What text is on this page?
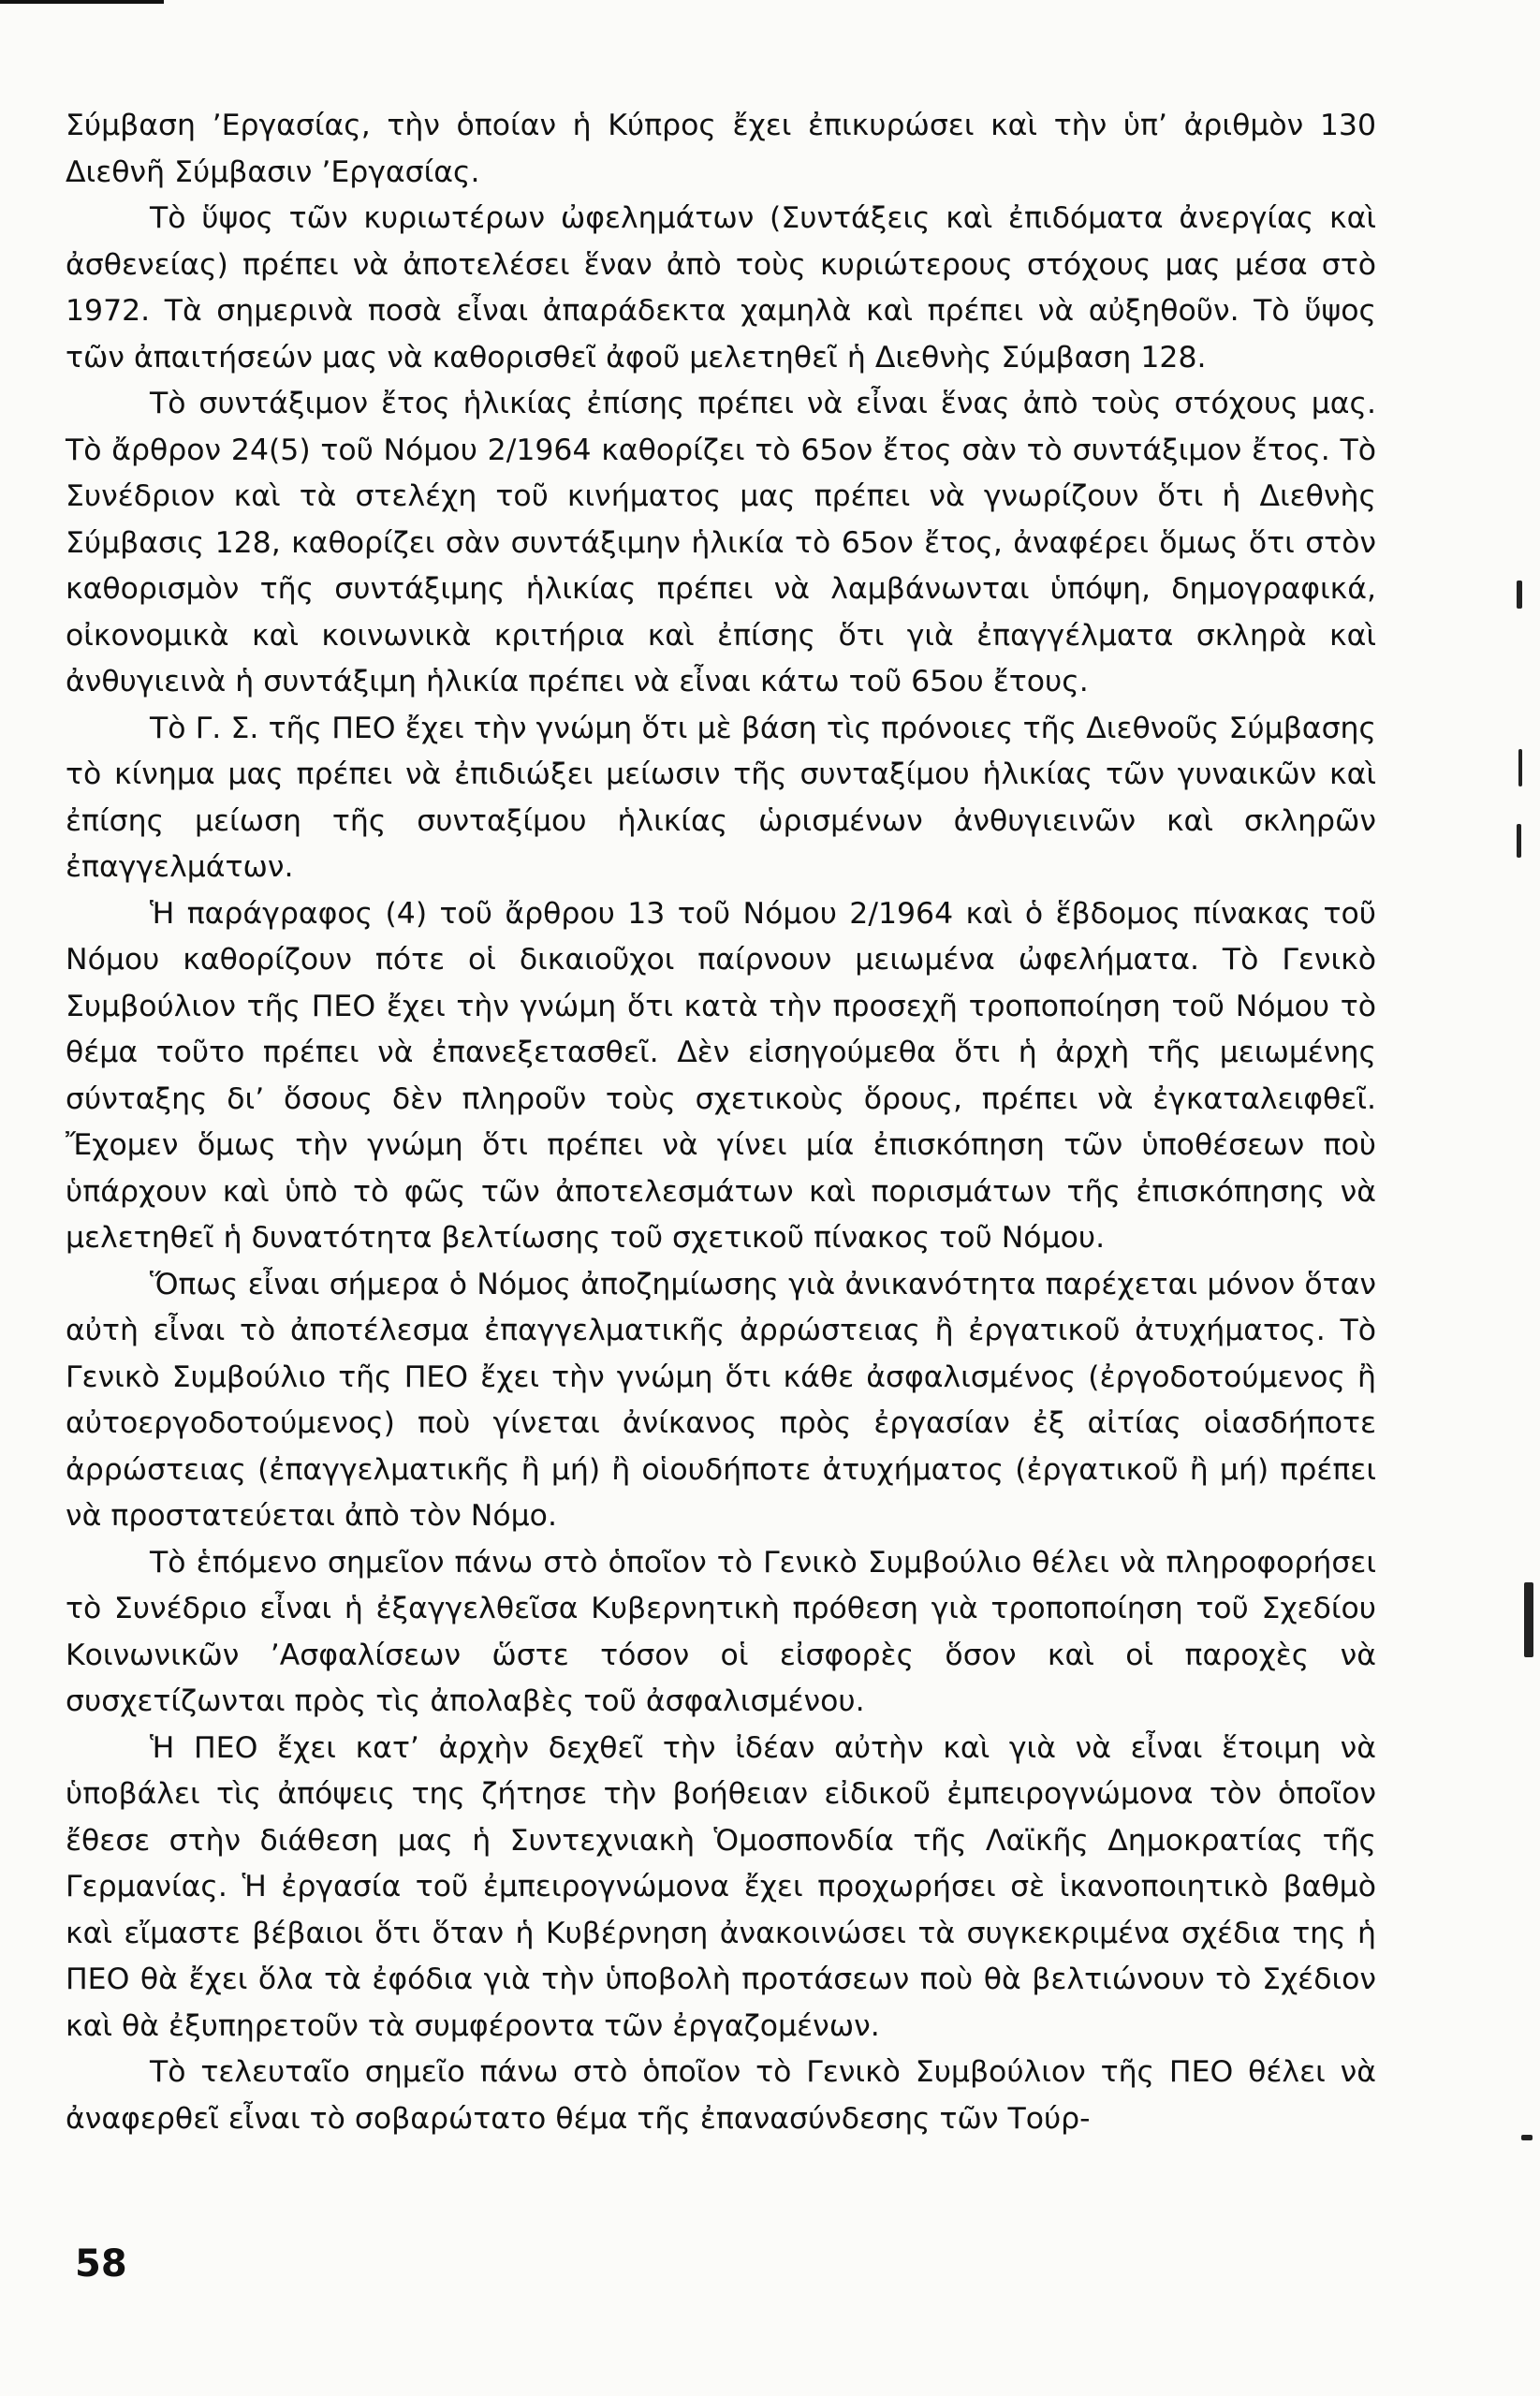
Σύμβαση ’Εργασίας, τὴν ὁποίαν ἡ Κύπρος ἔχει ἐπικυρώσει καὶ τὴν ὑπ’ ἀριθμὸν 130 Διεθνῆ Σύμβασιν ’Εργασίας.

Τὸ ὕψος τῶν κυριωτέρων ὠφελημάτων (Συντάξεις καὶ ἐπιδόματα ἀνεργίας καὶ ἀσθενείας) πρέπει νὰ ἀποτελέσει ἕναν ἀπὸ τοὺς κυριώτερους στόχους μας μέσα στὸ 1972. Τὰ σημερινὰ ποσὰ εἶναι ἀπαράδεκτα χαμηλὰ καὶ πρέπει νὰ αὐξηθοῦν. Τὸ ὕψος τῶν ἀπαιτήσεών μας νὰ καθορισθεῖ ἀφοῦ μελετηθεῖ ἡ Διεθνὴς Σύμβαση 128.

Τὸ συντάξιμον ἔτος ἡλικίας ἐπίσης πρέπει νὰ εἶναι ἕνας ἀπὸ τοὺς στόχους μας. Τὸ ἄρθρον 24(5) τοῦ Νόμου 2/1964 καθορίζει τὸ 65ον ἔτος σὰν τὸ συντάξιμον ἔτος. Τὸ Συνέδριον καὶ τὰ στελέχη τοῦ κινήματος μας πρέπει νὰ γνωρίζουν ὅτι ἡ Διεθνὴς Σύμβασις 128, καθορίζει σὰν συντάξιμην ἡλικία τὸ 65ον ἔτος, ἀναφέρει ὅμως ὅτι στὸν καθορισμὸν τῆς συντάξιμης ἡλικίας πρέπει νὰ λαμβάνωνται ὑπόψη, δημογραφικά, οἰκονομικὰ καὶ κοινωνικὰ κριτήρια καὶ ἐπίσης ὅτι γιὰ ἐπαγγέλματα σκληρὰ καὶ ἀνθυγιεινὰ ἡ συντάξιμη ἡλικία πρέπει νὰ εἶναι κάτω τοῦ 65ου ἔτους.

Τὸ Γ. Σ. τῆς ΠΕΟ ἔχει τὴν γνώμη ὅτι μὲ βάση τὶς πρόνοιες τῆς Διεθνοῦς Σύμβασης τὸ κίνημα μας πρέπει νὰ ἐπιδιώξει μείωσιν τῆς συνταξίμου ἡλικίας τῶν γυναικῶν καὶ ἐπίσης μείωση τῆς συνταξίμου ἡλικίας ὡρισμένων ἀνθυγιεινῶν καὶ σκληρῶν ἐπαγγελμάτων.

Ἡ παράγραφος (4) τοῦ ἄρθρου 13 τοῦ Νόμου 2/1964 καὶ ὁ ἕβδομος πίνακας τοῦ Νόμου καθορίζουν πότε οἱ δικαιοῦχοι παίρνουν μειωμένα ὠφελήματα. Τὸ Γενικὸ Συμβούλιον τῆς ΠΕΟ ἔχει τὴν γνώμη ὅτι κατὰ τὴν προσεχῆ τροποποίηση τοῦ Νόμου τὸ θέμα τοῦτο πρέπει νὰ ἐπανεξετασθεῖ. Δὲν εἰσηγούμεθα ὅτι ἡ ἀρχὴ τῆς μειωμένης σύνταξης δι’ ὅσους δὲν πληροῦν τοὺς σχετικοὺς ὅρους, πρέπει νὰ ἐγκαταλειφθεῖ. Ἔχομεν ὅμως τὴν γνώμη ὅτι πρέπει νὰ γίνει μία ἐπισκόπηση τῶν ὑποθέσεων ποὺ ὑπάρχουν καὶ ὑπὸ τὸ φῶς τῶν ἀποτελεσμάτων καὶ πορισμάτων τῆς ἐπισκόπησης νὰ μελετηθεῖ ἡ δυνατότητα βελτίωσης τοῦ σχετικοῦ πίνακος τοῦ Νόμου.

Ὅπως εἶναι σήμερα ὁ Νόμος ἀποζημίωσης γιὰ ἀνικανότητα παρέχεται μόνον ὅταν αὐτὴ εἶναι τὸ ἀποτέλεσμα ἐπαγγελματικῆς ἀρρώστειας ἢ ἐργατικοῦ ἀτυχήματος. Τὸ Γενικὸ Συμβούλιο τῆς ΠΕΟ ἔχει τὴν γνώμη ὅτι κάθε ἀσφαλισμένος (ἐργοδοτούμενος ἢ αὐτοεργοδοτούμενος) ποὺ γίνεται ἀνίκανος πρὸς ἐργασίαν ἐξ αἰτίας οἱασδήποτε ἀρρώστειας (ἐπαγγελματικῆς ἢ μή) ἢ οἱουδήποτε ἀτυχήματος (ἐργατικοῦ ἢ μή) πρέπει νὰ προστατεύεται ἀπὸ τὸν Νόμο.

Τὸ ἑπόμενο σημεῖον πάνω στὸ ὁποῖον τὸ Γενικὸ Συμβούλιο θέλει νὰ πληροφορήσει τὸ Συνέδριο εἶναι ἡ ἐξαγγελθεῖσα Κυβερνητικὴ πρόθεση γιὰ τροποποίηση τοῦ Σχεδίου Κοινωνικῶν ’Ασφαλίσεων ὥστε τόσον οἱ εἰσφορὲς ὅσον καὶ οἱ παροχὲς νὰ συσχετίζωνται πρὸς τὶς ἀπολαβὲς τοῦ ἀσφαλισμένου.

Ἡ ΠΕΟ ἔχει κατ’ ἀρχὴν δεχθεῖ τὴν ἰδέαν αὐτὴν καὶ γιὰ νὰ εἶναι ἕτοιμη νὰ ὑποβάλει τὶς ἀπόψεις της ζήτησε τὴν βοήθειαν εἰδικοῦ ἐμπειρογνώμονα τὸν ὁποῖον ἔθεσε στὴν διάθεση μας ἡ Συντεχνιακὴ Ὁμοσπονδία τῆς Λαϊκῆς Δημοκρατίας τῆς Γερμανίας. Ἡ ἐργασία τοῦ ἐμπειρογνώμονα ἔχει προχωρήσει σὲ ἱκανοποιητικὸ βαθμὸ καὶ εἴμαστε βέβαιοι ὅτι ὅταν ἡ Κυβέρνηση ἀνακοινώσει τὰ συγκεκριμένα σχέδια της ἡ ΠΕΟ θὰ ἔχει ὅλα τὰ ἐφόδια γιὰ τὴν ὑποβολὴ προτάσεων ποὺ θὰ βελτιώνουν τὸ Σχέδιον καὶ θὰ ἐξυπηρετοῦν τὰ συμφέροντα τῶν ἐργαζομένων.

Τὸ τελευταῖο σημεῖο πάνω στὸ ὁποῖον τὸ Γενικὸ Συμβούλιον τῆς ΠΕΟ θέλει νὰ ἀναφερθεῖ εἶναι τὸ σοβαρώτατο θέμα τῆς ἐπανασύνδεσης τῶν Τούρ-

58
